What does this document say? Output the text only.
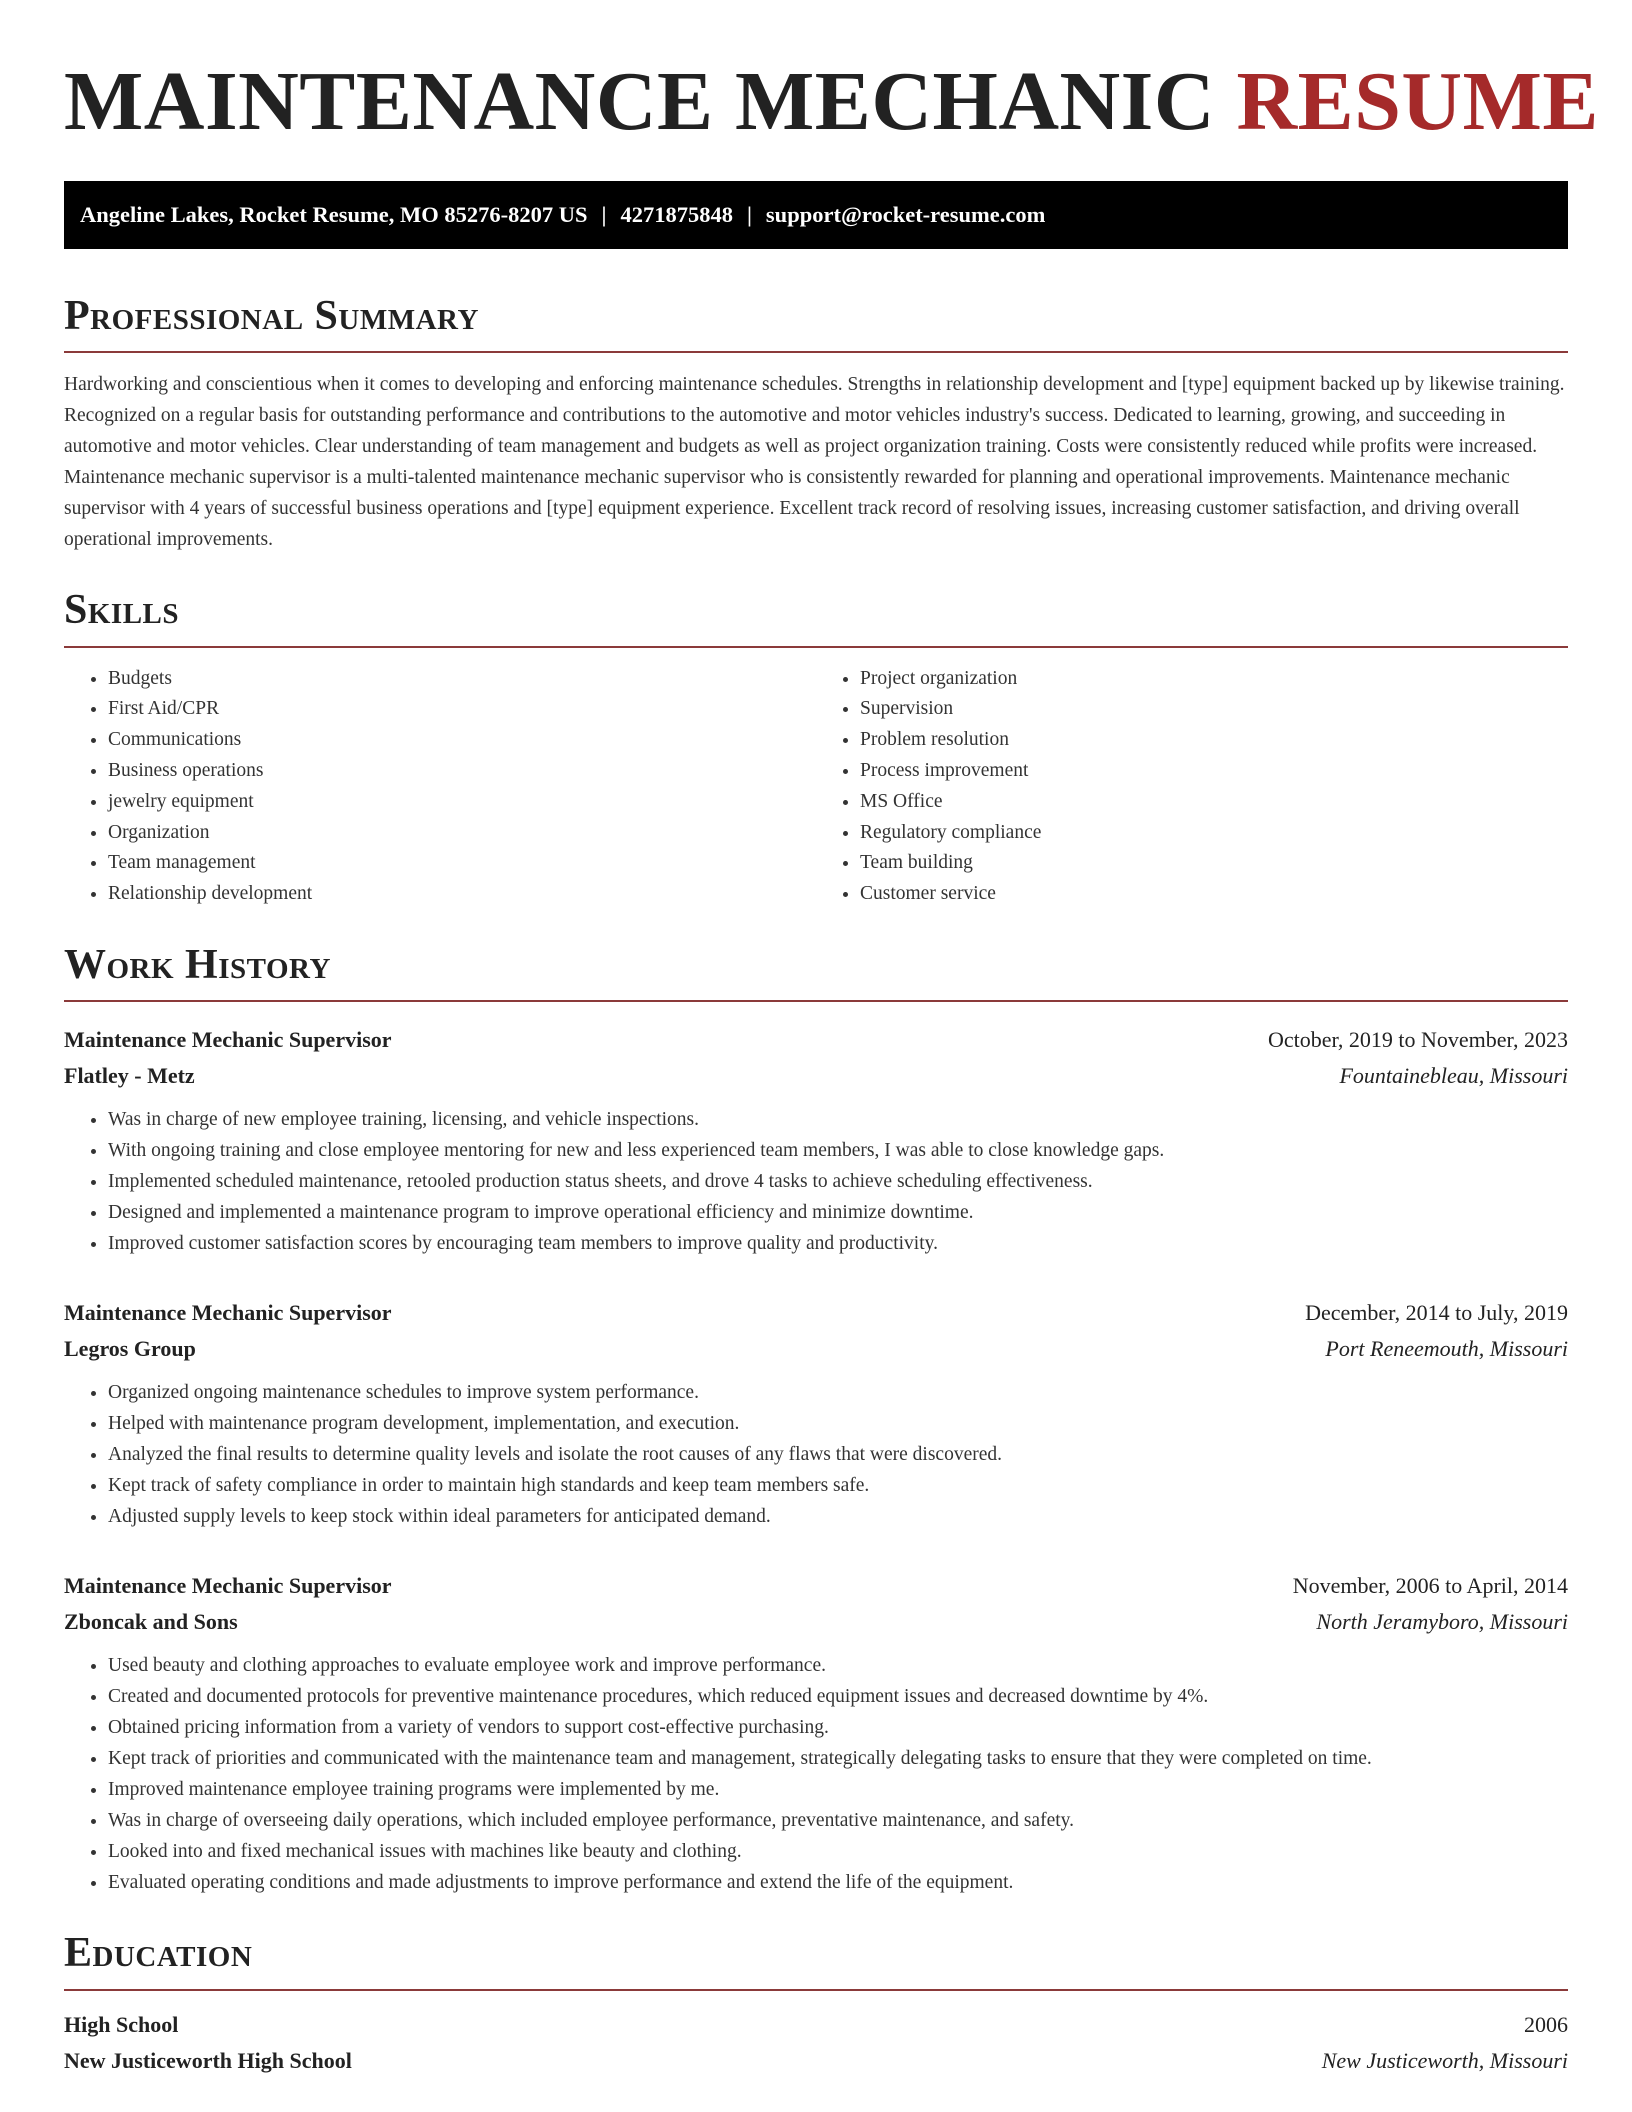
MAINTENANCE MECHANIC RESUME
Angeline Lakes, Rocket Resume, MO 85276-8207 US | 4271875848 | support@rocket-resume.com
Professional Summary

Hardworking and conscientious when it comes to developing and enforcing maintenance schedules. Strengths in relationship development and [type] equipment backed up by likewise training. Recognized on a regular basis for outstanding performance and contributions to the automotive and motor vehicles industry's success. Dedicated to learning, growing, and succeeding in automotive and motor vehicles. Clear understanding of team management and budgets as well as project organization training. Costs were consistently reduced while profits were increased. Maintenance mechanic supervisor is a multi-talented maintenance mechanic supervisor who is consistently rewarded for planning and operational improvements. Maintenance mechanic supervisor with 4 years of successful business operations and [type] equipment experience. Excellent track record of resolving issues, increasing customer satisfaction, and driving overall operational improvements.

Skills
• Budgets
• First Aid/CPR
• Communications
• Business operations
• jewelry equipment
• Organization
• Team management
• Relationship development
• Project organization
• Supervision
• Problem resolution
• Process improvement
• MS Office
• Regulatory compliance
• Team building
• Customer service
Work History
Maintenance Mechanic Supervisor	October, 2019 to November, 2023
Flatley - Metz	Fountainebleau, Missouri
• Was in charge of new employee training, licensing, and vehicle inspections.
• With ongoing training and close employee mentoring for new and less experienced team members, I was able to close knowledge gaps.
• Implemented scheduled maintenance, retooled production status sheets, and drove 4 tasks to achieve scheduling effectiveness.
• Designed and implemented a maintenance program to improve operational efficiency and minimize downtime.
• Improved customer satisfaction scores by encouraging team members to improve quality and productivity.
Maintenance Mechanic Supervisor	December, 2014 to July, 2019
Legros Group	Port Reneemouth, Missouri
• Organized ongoing maintenance schedules to improve system performance.
• Helped with maintenance program development, implementation, and execution.
• Analyzed the final results to determine quality levels and isolate the root causes of any flaws that were discovered.
• Kept track of safety compliance in order to maintain high standards and keep team members safe.
• Adjusted supply levels to keep stock within ideal parameters for anticipated demand.
Maintenance Mechanic Supervisor	November, 2006 to April, 2014
Zboncak and Sons	North Jeramyboro, Missouri
• Used beauty and clothing approaches to evaluate employee work and improve performance.
• Created and documented protocols for preventive maintenance procedures, which reduced equipment issues and decreased downtime by 4%.
• Obtained pricing information from a variety of vendors to support cost-effective purchasing.
• Kept track of priorities and communicated with the maintenance team and management, strategically delegating tasks to ensure that they were completed on time.
• Improved maintenance employee training programs were implemented by me.
• Was in charge of overseeing daily operations, which included employee performance, preventative maintenance, and safety.
• Looked into and fixed mechanical issues with machines like beauty and clothing.
• Evaluated operating conditions and made adjustments to improve performance and extend the life of the equipment.
Education
High School	2006
New Justiceworth High School	New Justiceworth, Missouri
